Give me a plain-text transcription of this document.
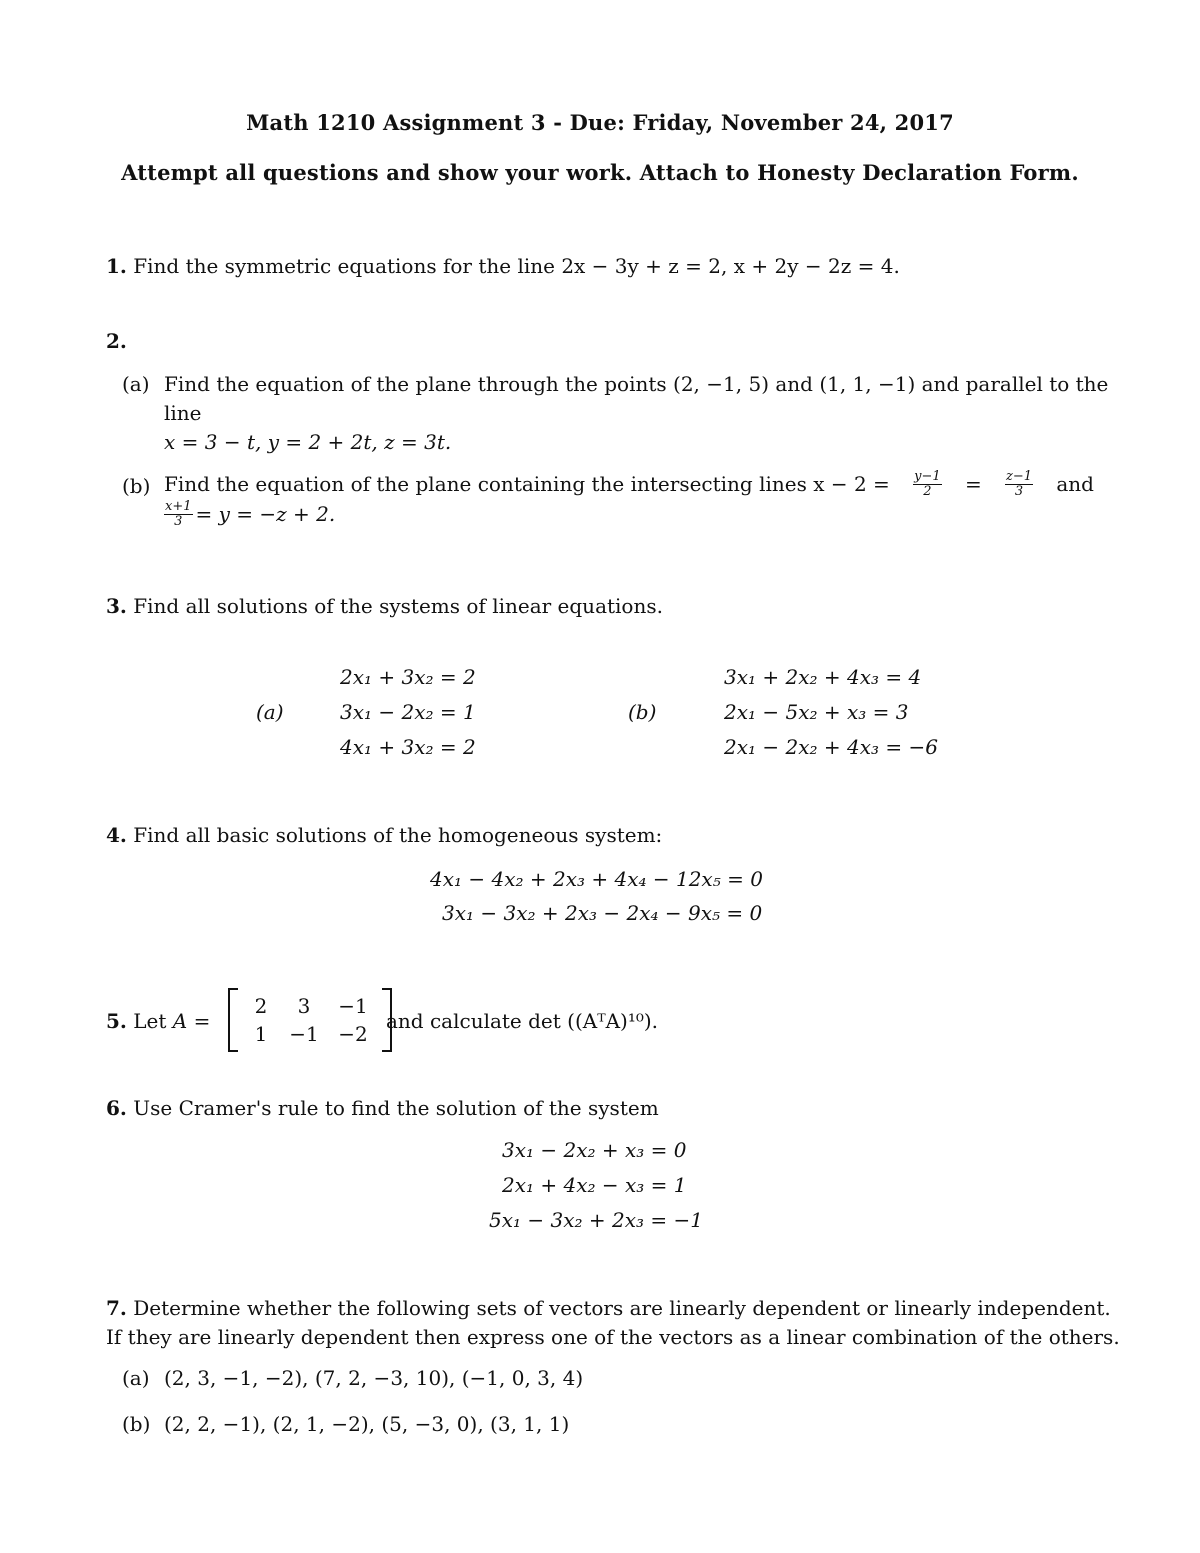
Math 1210 Assignment 3 - Due: Friday, November 24, 2017
Attempt all questions and show your work. Attach to Honesty Declaration Form.
1. Find the symmetric equations for the line 2x − 3y + z = 2, x + 2y − 2z = 4.
2.
(a) Find the equation of the plane through the points (2, −1, 5) and (1, 1, −1) and parallel to the
line
x = 3 − t, y = 2 + 2t, z = 3t.
(b) Find the equation of the plane containing the intersecting lines $x - 2 = \frac{y-1}{2} = \frac{z-1}{3}$ and
$\frac{x+1}{3} = y = -z + 2$.
3. Find all solutions of the systems of linear equations.
(a)
2x₁ + 3x₂ = 2
3x₁ − 2x₂ = 1
4x₁ + 3x₂ = 2
(b)
3x₁ + 2x₂ + 4x₃ = 4
2x₁ − 5x₂ + x₃ = 3
2x₁ − 2x₂ + 4x₃ = −6
4. Find all basic solutions of the homogeneous system:
4x₁ − 4x₂ + 2x₃ + 4x₄ − 12x₅ = 0
3x₁ − 3x₂ + 2x₃ − 2x₄ − 9x₅ = 0
5. Let A =
2	3	−1
1	−1 −2
and calculate det ((AᵀA)¹⁰).
6. Use Cramer's rule to find the solution of the system
3x₁ − 2x₂ + x₃ = 0
2x₁ + 4x₂ − x₃ = 1
5x₁ − 3x₂ + 2x₃ = −1
7. Determine whether the following sets of vectors are linearly dependent or linearly independent.
If they are linearly dependent then express one of the vectors as a linear combination of the others.
(a) (2, 3, −1, −2), (7, 2, −3, 10), (−1, 0, 3, 4)
(b) (2, 2, −1), (2, 1, −2), (5, −3, 0), (3, 1, 1)
